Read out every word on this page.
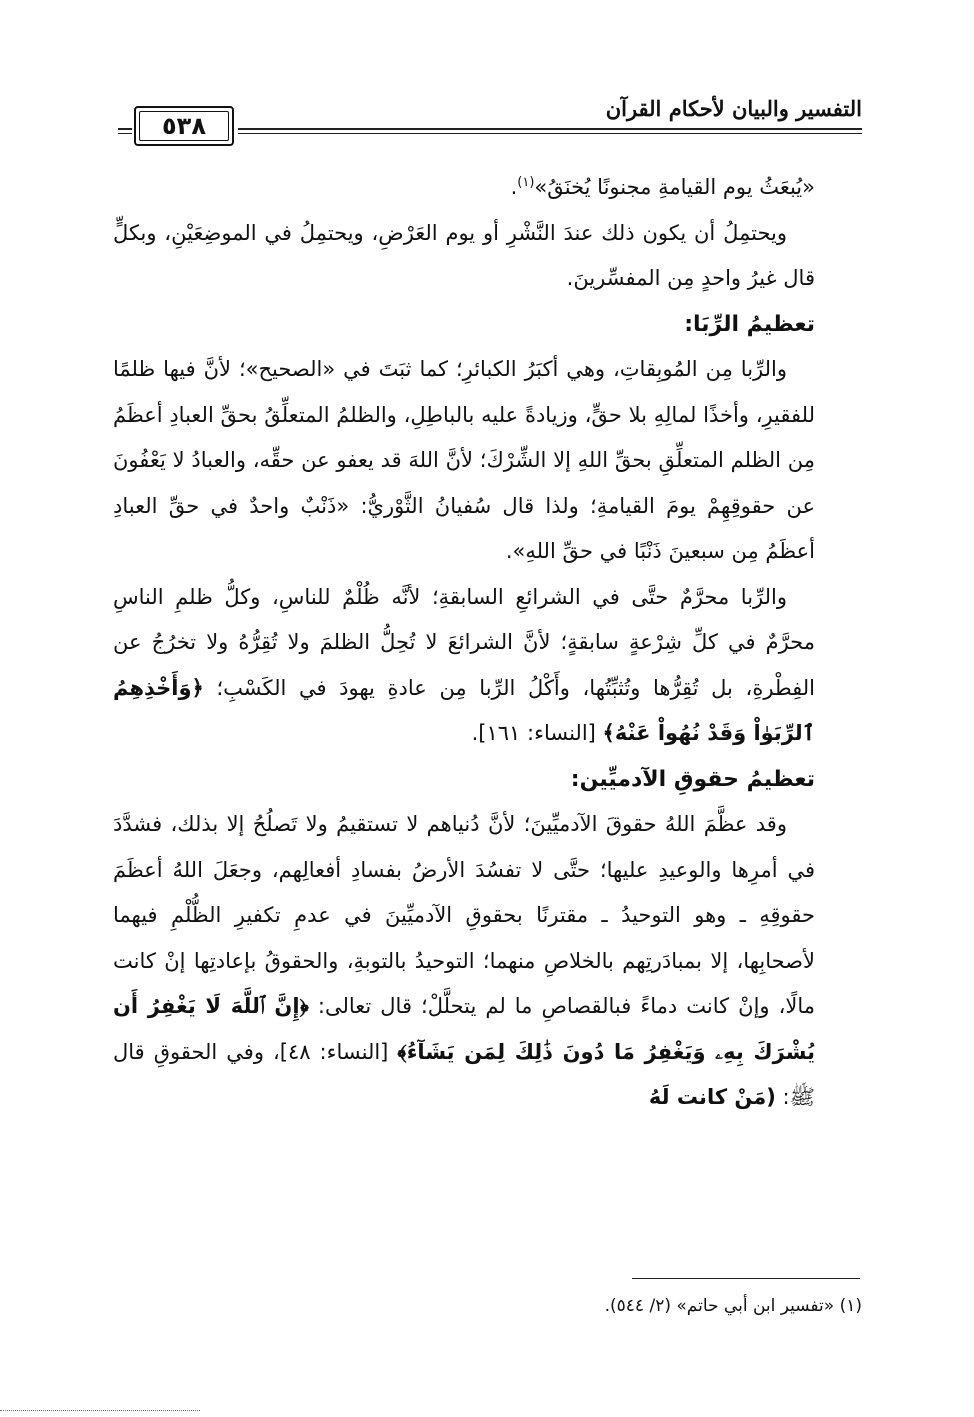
التفسير والبيان لأحكام القرآن
٥٣٨

«يُبعَثُ يوم القيامةِ مجنونًا يُخنَقُ»$^{(١)}$.

ويحتمِلُ أن يكون ذلك عندَ النَّشْرِ أو يوم العَرْضِ، ويحتمِلُ في الموضِعَيْنِ، وبكلٍّ قال غيرُ واحدٍ مِن المفسِّرينَ.

تعظيمُ الرِّبَا:

والرِّبا مِن المُوبِقاتِ، وهي أكبَرُ الكبائرِ؛ كما ثبَتَ في «الصحيح»؛ لأنَّ فيها ظلمًا للفقيرِ، وأخذًا لمالِهِ بلا حقٍّ، وزيادةً عليه بالباطِلِ، والظلمُ المتعلِّقُ بحقِّ العبادِ أعظَمُ مِن الظلم المتعلِّقِ بحقِّ اللهِ إلا الشِّرْكَ؛ لأنَّ اللهَ قد يعفو عن حقِّه، والعبادُ لا يَعْفُونَ عن حقوقِهِمْ يومَ القيامةِ؛ ولذا قال سُفيانُ الثَّوْريُّ: «ذَنْبٌ واحدٌ في حقِّ العبادِ أعظَمُ مِن سبعينَ ذَنْبًا في حقِّ اللهِ».

والرِّبا محرَّمٌ حتَّى في الشرائعِ السابقةِ؛ لأنَّه ظُلْمٌ للناسِ، وكلُّ ظلمِ الناسِ محرَّمٌ في كلِّ شِرْعةٍ سابقةٍ؛ لأنَّ الشرائعَ لا تُحِلُّ الظلمَ ولا تُقِرُّهُ ولا تخرُجُ عن الفِطْرةِ، بل تُقِرُّها وتُثبِّتُها، وأَكْلُ الرِّبا مِن عادةِ يهودَ في الكَسْبِ؛ ﴿وَأَخْذِهِمُ ٱلرِّبَوٰاْ وَقَدْ نُهُواْ عَنْهُ﴾ [النساء: ١٦١].

تعظيمُ حقوقِ الآدميِّين:

وقد عظَّمَ اللهُ حقوقَ الآدميِّينَ؛ لأنَّ دُنياهم لا تستقيمُ ولا تَصلُحُ إلا بذلك، فشدَّدَ في أمرِها والوعيدِ عليها؛ حتَّى لا تفسُدَ الأرضُ بفسادِ أفعالِهم، وجعَلَ اللهُ أعظَمَ حقوقِهِ ـ وهو التوحيدُ ـ مقترنًا بحقوقِ الآدميِّينَ في عدمِ تكفيرِ الظُّلْمِ فيهما لأصحابِها، إلا بمبادَرتِهم بالخلاصِ منهما؛ التوحيدُ بالتوبةِ، والحقوقُ بإعادتِها إنْ كانت مالًا، وإنْ كانت دماءً فبالقصاصِ ما لم يتحلَّلْ؛ قال تعالى: ﴿إِنَّ ٱللَّهَ لَا يَغْفِرُ أَن يُشْرَكَ بِهِۦ وَيَغْفِرُ مَا دُونَ ذَٰلِكَ لِمَن يَشَآءُ﴾ [النساء: ٤٨]، وفي الحقوقِ قال ﷺ: (مَنْ كانت لَهُ

(١) «تفسير ابن أبي حاتم» (٢/ ٥٤٤).
